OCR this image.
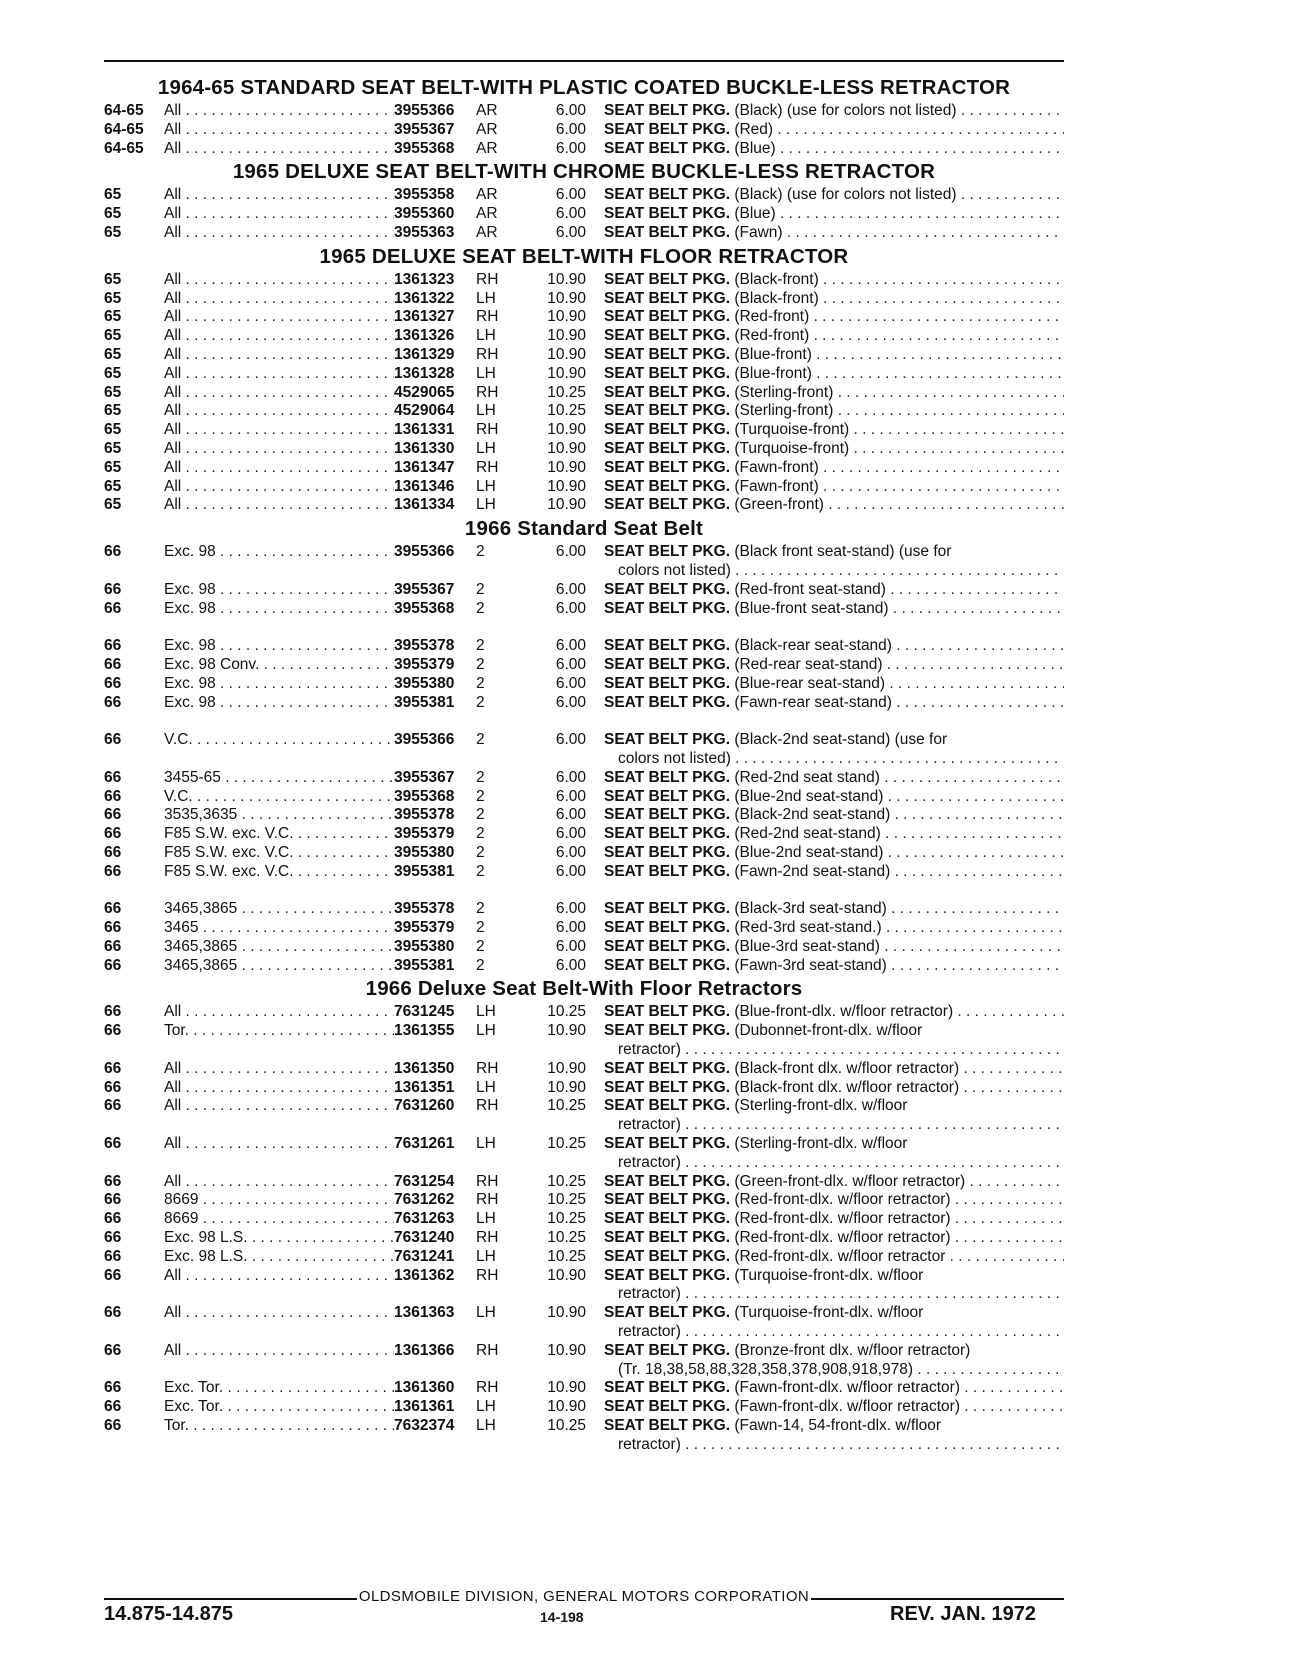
1964-65 STANDARD SEAT BELT-WITH PLASTIC COATED BUCKLE-LESS RETRACTOR
64-65	All . . .	3955366	AR	6.00	SEAT BELT PKG. (Black) (use for colors not listed) . . .
64-65	All . . .	3955367	AR	6.00	SEAT BELT PKG. (Red) . . .
64-65	All . . .	3955368	AR	6.00	SEAT BELT PKG. (Blue) . . .
1965 DELUXE SEAT BELT-WITH CHROME BUCKLE-LESS RETRACTOR
65	All . . .	3955358	AR	6.00	SEAT BELT PKG. (Black) (use for colors not listed) . . .
65	All . . .	3955360	AR	6.00	SEAT BELT PKG. (Blue) . . .
65	All . . .	3955363	AR	6.00	SEAT BELT PKG. (Fawn) . . .
1965 DELUXE SEAT BELT-WITH FLOOR RETRACTOR
65	All . . .	1361323	RH	10.90	SEAT BELT PKG. (Black-front) . . .
65	All . . .	1361322	LH	10.90	SEAT BELT PKG. (Black-front) . . .
65	All . . .	1361327	RH	10.90	SEAT BELT PKG. (Red-front) . . .
65	All . . .	1361326	LH	10.90	SEAT BELT PKG. (Red-front) . . .
65	All . . .	1361329	RH	10.90	SEAT BELT PKG. (Blue-front) . . .
65	All . . .	1361328	LH	10.90	SEAT BELT PKG. (Blue-front) . . .
65	All . . .	4529065	RH	10.25	SEAT BELT PKG. (Sterling-front) . . .
65	All . . .	4529064	LH	10.25	SEAT BELT PKG. (Sterling-front) . . .
65	All . . .	1361331	RH	10.90	SEAT BELT PKG. (Turquoise-front) . . .
65	All . . .	1361330	LH	10.90	SEAT BELT PKG. (Turquoise-front) . . .
65	All . . .	1361347	RH	10.90	SEAT BELT PKG. (Fawn-front) . . .
65	All . . .	1361346	LH	10.90	SEAT BELT PKG. (Fawn-front) . . .
65	All . . .	1361334	LH	10.90	SEAT BELT PKG. (Green-front) . . .
1966 Standard Seat Belt
66	Exc. 98 . . .	3955366	2	6.00	SEAT BELT PKG. (Black front seat-stand) (use for
colors not listed) . . .
66	Exc. 98 . . .	3955367	2	6.00	SEAT BELT PKG. (Red-front seat-stand) . . .
66	Exc. 98 . . .	3955368	2	6.00	SEAT BELT PKG. (Blue-front seat-stand) . . .
66	Exc. 98 . . .	3955378	2	6.00	SEAT BELT PKG. (Black-rear seat-stand) . . .
66	Exc. 98 Conv. . . .	3955379	2	6.00	SEAT BELT PKG. (Red-rear seat-stand) . . .
66	Exc. 98 . . .	3955380	2	6.00	SEAT BELT PKG. (Blue-rear seat-stand) . . .
66	Exc. 98 . . .	3955381	2	6.00	SEAT BELT PKG. (Fawn-rear seat-stand) . . .
66	V.C. . . .	3955366	2	6.00	SEAT BELT PKG. (Black-2nd seat-stand) (use for
colors not listed) . . .
66	3455-65 . . .	3955367	2	6.00	SEAT BELT PKG. (Red-2nd seat stand) . . .
66	V.C. . . .	3955368	2	6.00	SEAT BELT PKG. (Blue-2nd seat-stand) . . .
66	3535,3635 . . .	3955378	2	6.00	SEAT BELT PKG. (Black-2nd seat-stand) . . .
66	F85 S.W. exc. V.C. . . .	3955379	2	6.00	SEAT BELT PKG. (Red-2nd seat-stand) . . .
66	F85 S.W. exc. V.C. . . .	3955380	2	6.00	SEAT BELT PKG. (Blue-2nd seat-stand) . . .
66	F85 S.W. exc. V.C. . . .	3955381	2	6.00	SEAT BELT PKG. (Fawn-2nd seat-stand) . . .
66	3465,3865 . . .	3955378	2	6.00	SEAT BELT PKG. (Black-3rd seat-stand) . . .
66	3465 . . .	3955379	2	6.00	SEAT BELT PKG. (Red-3rd seat-stand.) . . .
66	3465,3865 . . .	3955380	2	6.00	SEAT BELT PKG. (Blue-3rd seat-stand) . . .
66	3465,3865 . . .	3955381	2	6.00	SEAT BELT PKG. (Fawn-3rd seat-stand) . . .
1966 Deluxe Seat Belt-With Floor Retractors
66	All . . .	7631245	LH	10.25	SEAT BELT PKG. (Blue-front-dlx. w/floor retractor) . . .
66	Tor. . . .	1361355	LH	10.90	SEAT BELT PKG. (Dubonnet-front-dlx. w/floor
retractor) . . .
66	All . . .	1361350	RH	10.90	SEAT BELT PKG. (Black-front dlx. w/floor retractor) . . .
66	All . . .	1361351	LH	10.90	SEAT BELT PKG. (Black-front dlx. w/floor retractor) . . .
66	All . . .	7631260	RH	10.25	SEAT BELT PKG. (Sterling-front-dlx. w/floor
retractor) . . .
66	All . . .	7631261	LH	10.25	SEAT BELT PKG. (Sterling-front-dlx. w/floor
retractor) . . .
66	All . . .	7631254	RH	10.25	SEAT BELT PKG. (Green-front-dlx. w/floor retractor) . . .
66	8669 . . .	7631262	RH	10.25	SEAT BELT PKG. (Red-front-dlx. w/floor retractor) . . .
66	8669 . . .	7631263	LH	10.25	SEAT BELT PKG. (Red-front-dlx. w/floor retractor) . . .
66	Exc. 98 L.S. . . .	7631240	RH	10.25	SEAT BELT PKG. (Red-front-dlx. w/floor retractor) . . .
66	Exc. 98 L.S. . . .	7631241	LH	10.25	SEAT BELT PKG. (Red-front-dlx. w/floor retractor . . .
66	All . . .	1361362	RH	10.90	SEAT BELT PKG. (Turquoise-front-dlx. w/floor
retractor) . . .
66	All . . .	1361363	LH	10.90	SEAT BELT PKG. (Turquoise-front-dlx. w/floor
retractor) . . .
66	All . . .	1361366	RH	10.90	SEAT BELT PKG. (Bronze-front dlx. w/floor retractor)
(Tr. 18,38,58,88,328,358,378,908,918,978) . . .
66	Exc. Tor. . . .	1361360	RH	10.90	SEAT BELT PKG. (Fawn-front-dlx. w/floor retractor) . . .
66	Exc. Tor. . . .	1361361	LH	10.90	SEAT BELT PKG. (Fawn-front-dlx. w/floor retractor) . . .
66	Tor. . . .	7632374	LH	10.25	SEAT BELT PKG. (Fawn-14, 54-front-dlx. w/floor
retractor) . . .
OLDSMOBILE DIVISION, GENERAL MOTORS CORPORATION
14.875-14.875	14-198	REV. JAN. 1972
